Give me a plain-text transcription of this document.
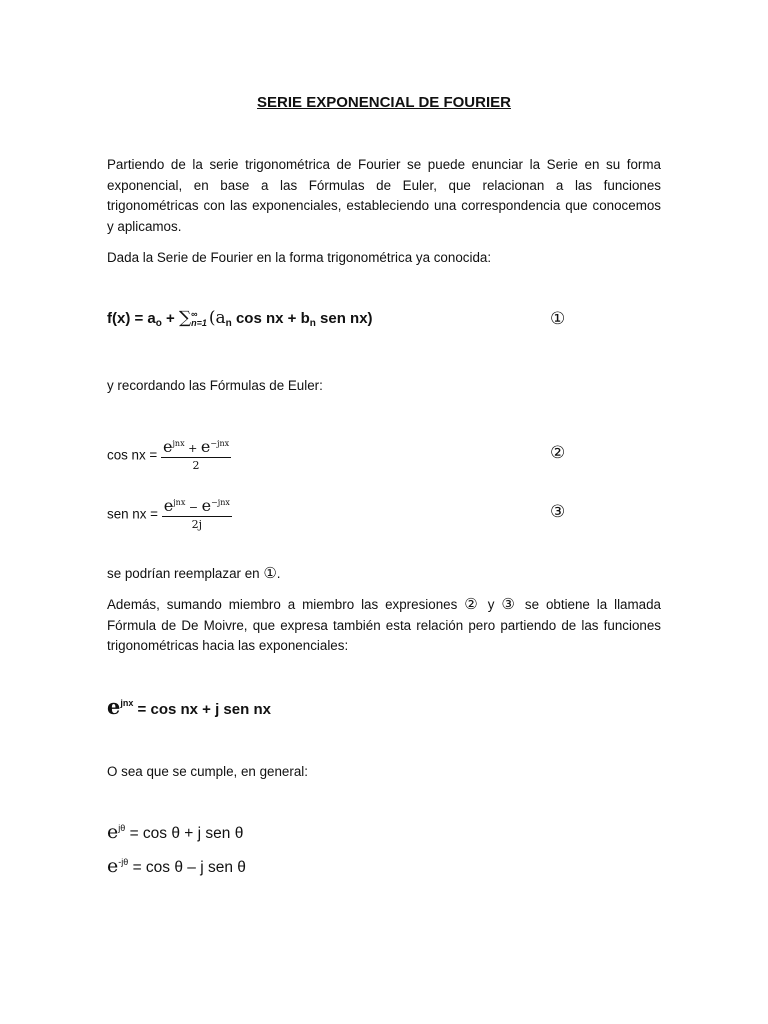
SERIE EXPONENCIAL DE FOURIER
Partiendo de la serie trigonométrica de Fourier se puede enunciar la Serie en su forma exponencial, en base a las Fórmulas de Euler, que relacionan a las funciones trigonométricas con las exponenciales, estableciendo una correspondencia que conocemos y aplicamos.
Dada la Serie de Fourier en la forma trigonométrica ya conocida:
$f(x) = a_o$ + ∑ ∞
n=1 ($a_n$ cos nx + $b_n$ sen nx)	①
y recordando las Fórmulas de Euler:
cos nx = $\frac{e^{jnx} + e^{-jnx}}{2}$	②
sen nx = $\frac{e^{jnx} - e^{-jnx}}{2j}$	③
se podrían reemplazar en ①.
Además, sumando miembro a miembro las expresiones ② y ③ se obtiene la llamada Fórmula de De Moivre, que expresa también esta relación pero partiendo de las funciones trigonométricas hacia las exponenciales:
$e^{jnx} = \cos$ nx + j sen nx
O sea que se cumple, en general:
$e^{j\theta} = \cos \theta + j$ sen θ
$e^{-j\theta} = \cos \theta - j$ sen θ
